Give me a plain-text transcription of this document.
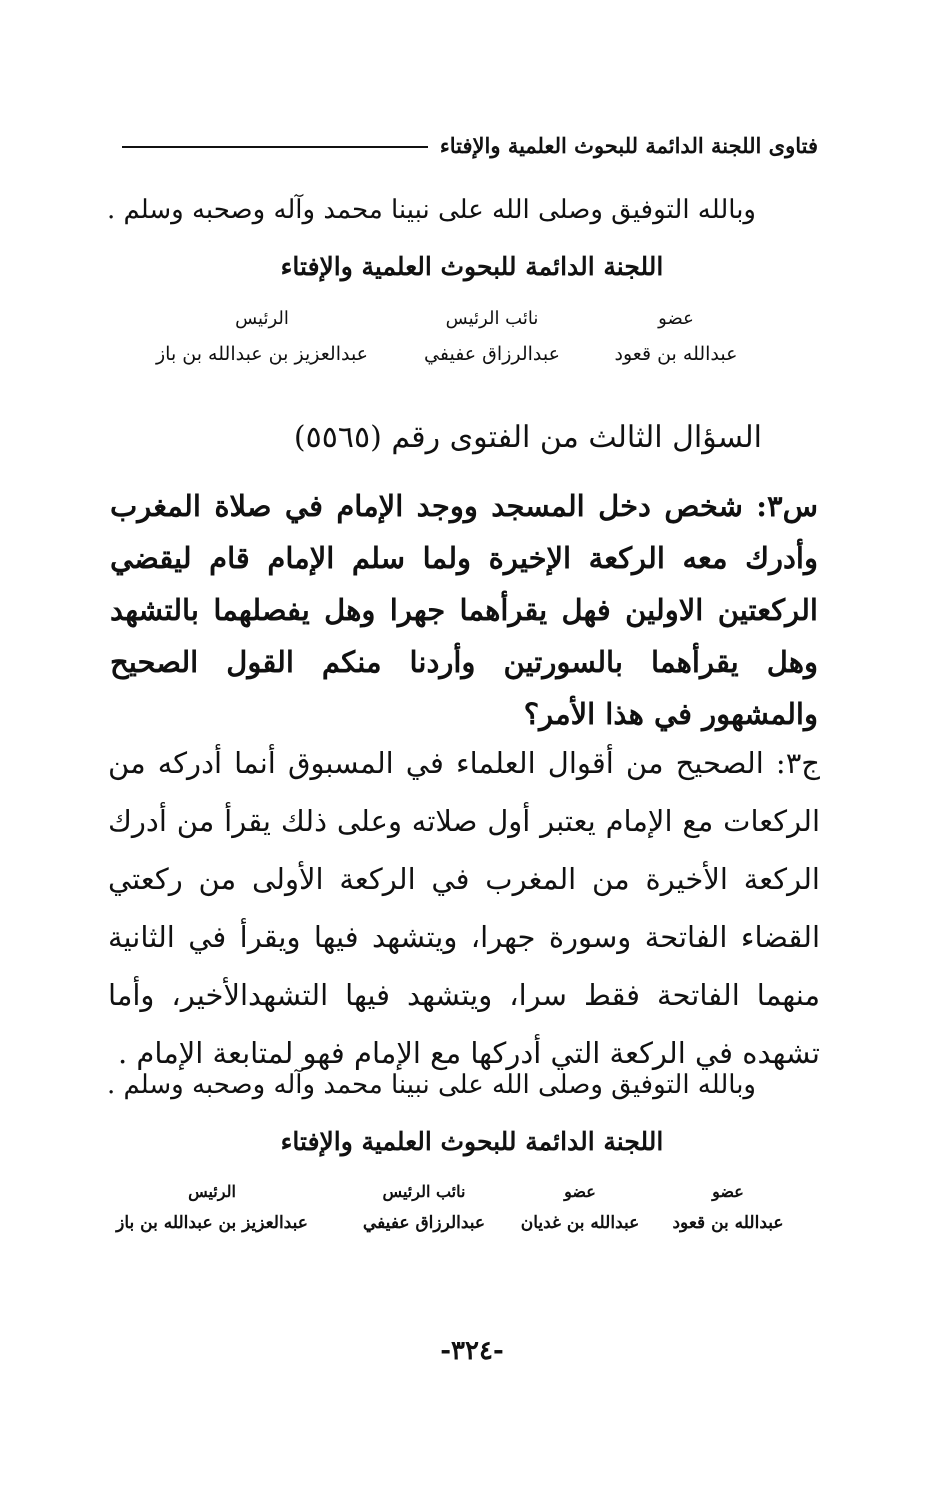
فتاوى اللجنة الدائمة للبحوث العلمية والإفتاء
وبالله التوفيق وصلى الله على نبينا محمد وآله وصحبه وسلم .
اللجنة الدائمة للبحوث العلمية والإفتاء
عضو
عبدالله بن قعود
نائب الرئيس
عبدالرزاق عفيفي
الرئيس
عبدالعزيز بن عبدالله بن باز
السؤال الثالث من الفتوى رقم (٥٥٦٥)
س٣: شخص دخل المسجد ووجد الإمام في صلاة المغرب وأدرك معه الركعة الإخيرة ولما سلم الإمام قام ليقضي الركعتين الاولين فهل يقرأهما جهرا وهل يفصلهما بالتشهد وهل يقرأهما بالسورتين وأردنا منكم القول الصحيح والمشهور في هذا الأمر؟
ج٣: الصحيح من أقوال العلماء في المسبوق أنما أدركه من الركعات مع الإمام يعتبر أول صلاته وعلى ذلك يقرأ من أدرك الركعة الأخيرة من المغرب في الركعة الأولى من ركعتي القضاء الفاتحة وسورة جهرا، ويتشهد فيها ويقرأ في الثانية منهما الفاتحة فقط سرا، ويتشهد فيها التشهدالأخير، وأما تشهده في الركعة التي أدركها مع الإمام فهو لمتابعة الإمام .
وبالله التوفيق وصلى الله على نبينا محمد وآله وصحبه وسلم .
اللجنة الدائمة للبحوث العلمية والإفتاء
عضو
عبدالله بن قعود
عضو
عبدالله بن غديان
نائب الرئيس
عبدالرزاق عفيفي
الرئيس
عبدالعزيز بن عبدالله بن باز
-٣٢٤-
